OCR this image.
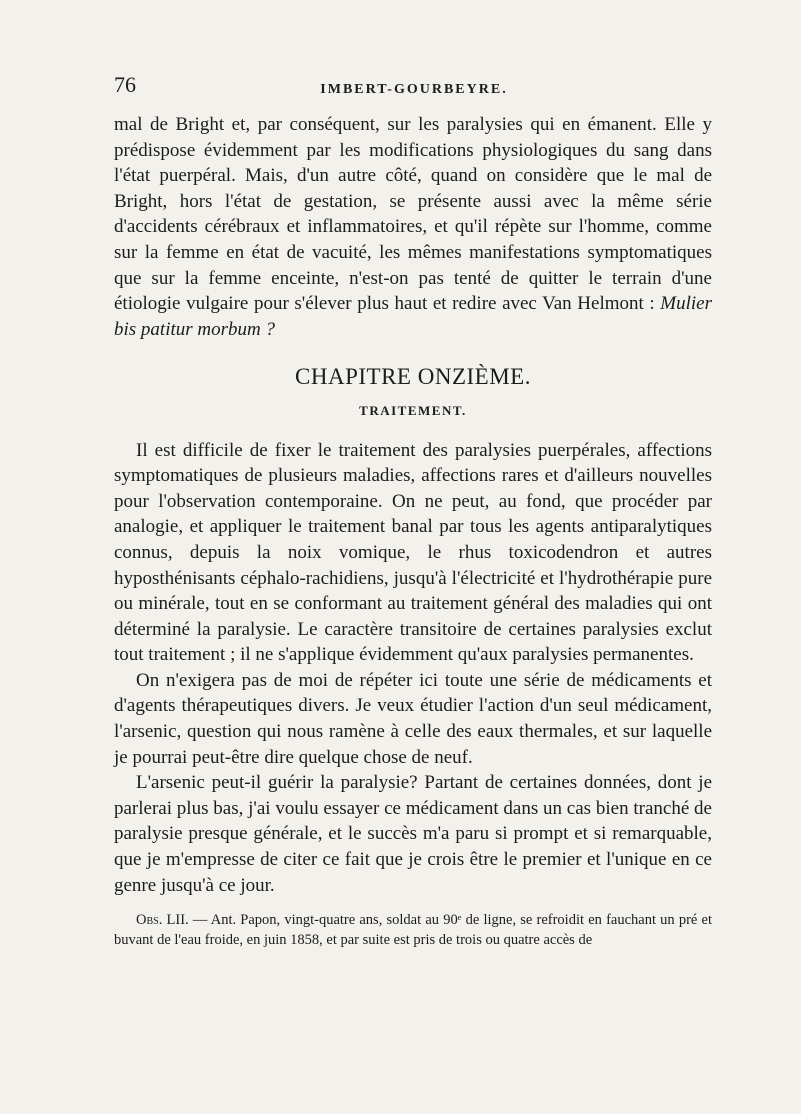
76	IMBERT-GOURBEYRE.

mal de Bright et, par conséquent, sur les paralysies qui en émanent. Elle y prédispose évidemment par les modifications physiologiques du sang dans l'état puerpéral. Mais, d'un autre côté, quand on considère que le mal de Bright, hors l'état de gestation, se présente aussi avec la même série d'accidents cérébraux et inflammatoires, et qu'il répète sur l'homme, comme sur la femme en état de vacuité, les mêmes manifestations symptomatiques que sur la femme enceinte, n'est-on pas tenté de quitter le terrain d'une étiologie vulgaire pour s'élever plus haut et redire avec Van Helmont : Mulier bis patitur morbum ?

CHAPITRE ONZIÈME.
TRAITEMENT.

Il est difficile de fixer le traitement des paralysies puerpérales, affections symptomatiques de plusieurs maladies, affections rares et d'ailleurs nouvelles pour l'observation contemporaine. On ne peut, au fond, que procéder par analogie, et appliquer le traitement banal par tous les agents antiparalytiques connus, depuis la noix vomique, le rhus toxicodendron et autres hyposthénisants céphalo-rachidiens, jusqu'à l'électricité et l'hydrothérapie pure ou minérale, tout en se conformant au traitement général des maladies qui ont déterminé la paralysie. Le caractère transitoire de certaines paralysies exclut tout traitement ; il ne s'applique évidemment qu'aux paralysies permanentes.

On n'exigera pas de moi de répéter ici toute une série de médicaments et d'agents thérapeutiques divers. Je veux étudier l'action d'un seul médicament, l'arsenic, question qui nous ramène à celle des eaux thermales, et sur laquelle je pourrai peut-être dire quelque chose de neuf.

L'arsenic peut-il guérir la paralysie? Partant de certaines données, dont je parlerai plus bas, j'ai voulu essayer ce médicament dans un cas bien tranché de paralysie presque générale, et le succès m'a paru si prompt et si remarquable, que je m'empresse de citer ce fait que je crois être le premier et l'unique en ce genre jusqu'à ce jour.

Obs. LII. — Ant. Papon, vingt-quatre ans, soldat au 90ᵉ de ligne, se refroidit en fauchant un pré et buvant de l'eau froide, en juin 1858, et par suite est pris de trois ou quatre accès de
